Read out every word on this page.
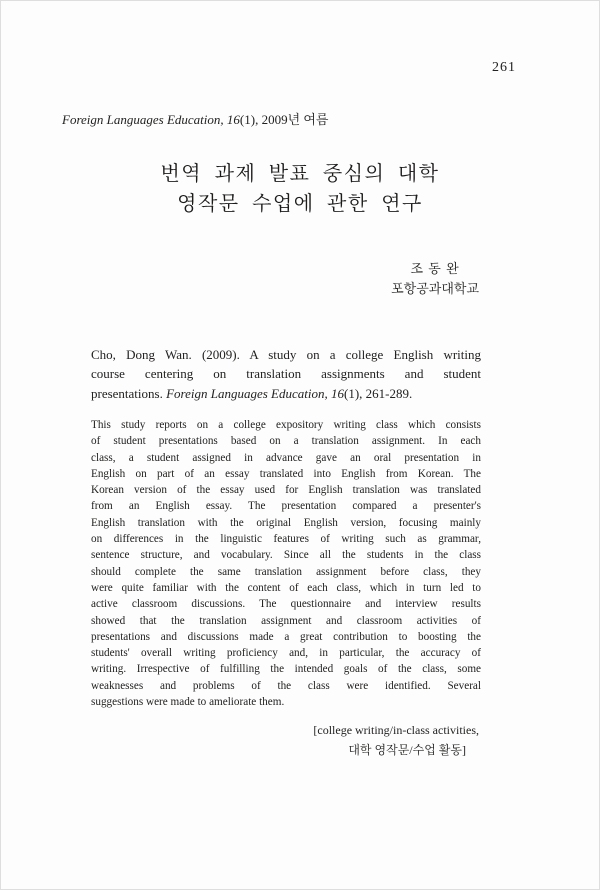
261
Foreign Languages Education, 16(1), 2009년 여름
번역 과제 발표 중심의 대학
영작문 수업에 관한 연구
조 동 완
포항공과대학교
Cho, Dong Wan. (2009). A study on a college English writing
course centering on translation assignments and student
presentations. Foreign Languages Education, 16(1), 261-289.
This study reports on a college expository writing class which consists
of student presentations based on a translation assignment. In each
class, a student assigned in advance gave an oral presentation in
English on part of an essay translated into English from Korean. The
Korean version of the essay used for English translation was translated
from an English essay. The presentation compared a presenter's
English translation with the original English version, focusing mainly
on differences in the linguistic features of writing such as grammar,
sentence structure, and vocabulary. Since all the students in the class
should complete the same translation assignment before class, they
were quite familiar with the content of each class, which in turn led to
active classroom discussions. The questionnaire and interview results
showed that the translation assignment and classroom activities of
presentations and discussions made a great contribution to boosting the
students' overall writing proficiency and, in particular, the accuracy of
writing. Irrespective of fulfilling the intended goals of the class, some
weaknesses and problems of the class were identified. Several
suggestions were made to ameliorate them.
[college writing/in-class activities,
대학 영작문/수업 활동]
